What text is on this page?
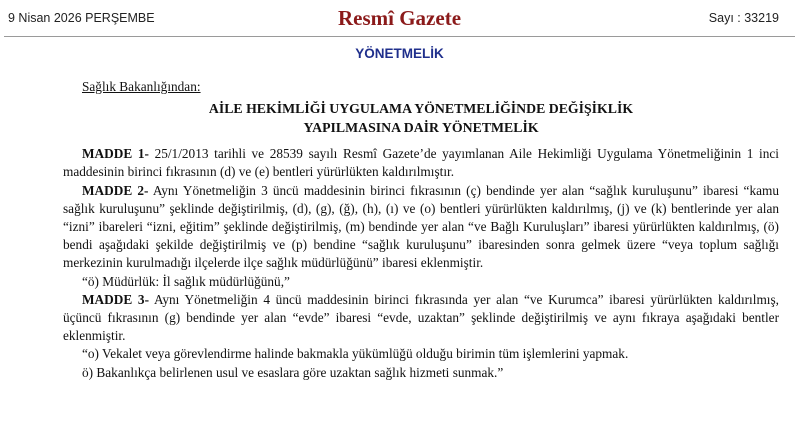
9 Nisan 2026 PERŞEMBE	Resmî Gazete	Sayı : 33219
YÖNETMELİK
Sağlık Bakanlığından:
AİLE HEKİMLİĞİ UYGULAMA YÖNETMELİĞİNDE DEĞİŞİKLİK
YAPILMASINA DAİR YÖNETMELİK

MADDE 1- 25/1/2013 tarihli ve 28539 sayılı Resmî Gazete’de yayımlanan Aile Hekimliği Uygulama Yönetmeliğinin 1 inci maddesinin birinci fıkrasının (d) ve (e) bentleri yürürlükten kaldırılmıştır.

MADDE 2- Aynı Yönetmeliğin 3 üncü maddesinin birinci fıkrasının (ç) bendinde yer alan “sağlık kuruluşunu” ibaresi “kamu sağlık kuruluşunu” şeklinde değiştirilmiş, (d), (g), (ğ), (h), (ı) ve (o) bentleri yürürlükten kaldırılmış, (j) ve (k) bentlerinde yer alan “izni” ibareleri “izni, eğitim” şeklinde değiştirilmiş, (m) bendinde yer alan “ve Bağlı Kuruluşları” ibaresi yürürlükten kaldırılmış, (ö) bendi aşağıdaki şekilde değiştirilmiş ve (p) bendine “sağlık kuruluşunu” ibaresinden sonra gelmek üzere “veya toplum sağlığı merkezinin kurulmadığı ilçelerde ilçe sağlık müdürlüğünü” ibaresi eklenmiştir.

“ö) Müdürlük: İl sağlık müdürlüğünü,”

MADDE 3- Aynı Yönetmeliğin 4 üncü maddesinin birinci fıkrasında yer alan “ve Kurumca” ibaresi yürürlükten kaldırılmış, üçüncü fıkrasının (g) bendinde yer alan “evde” ibaresi “evde, uzaktan” şeklinde değiştirilmiş ve aynı fıkraya aşağıdaki bentler eklenmiştir.

“o) Vekalet veya görevlendirme halinde bakmakla yükümlüğü olduğu birimin tüm işlemlerini yapmak.

ö) Bakanlıkça belirlenen usul ve esaslara göre uzaktan sağlık hizmeti sunmak.”
